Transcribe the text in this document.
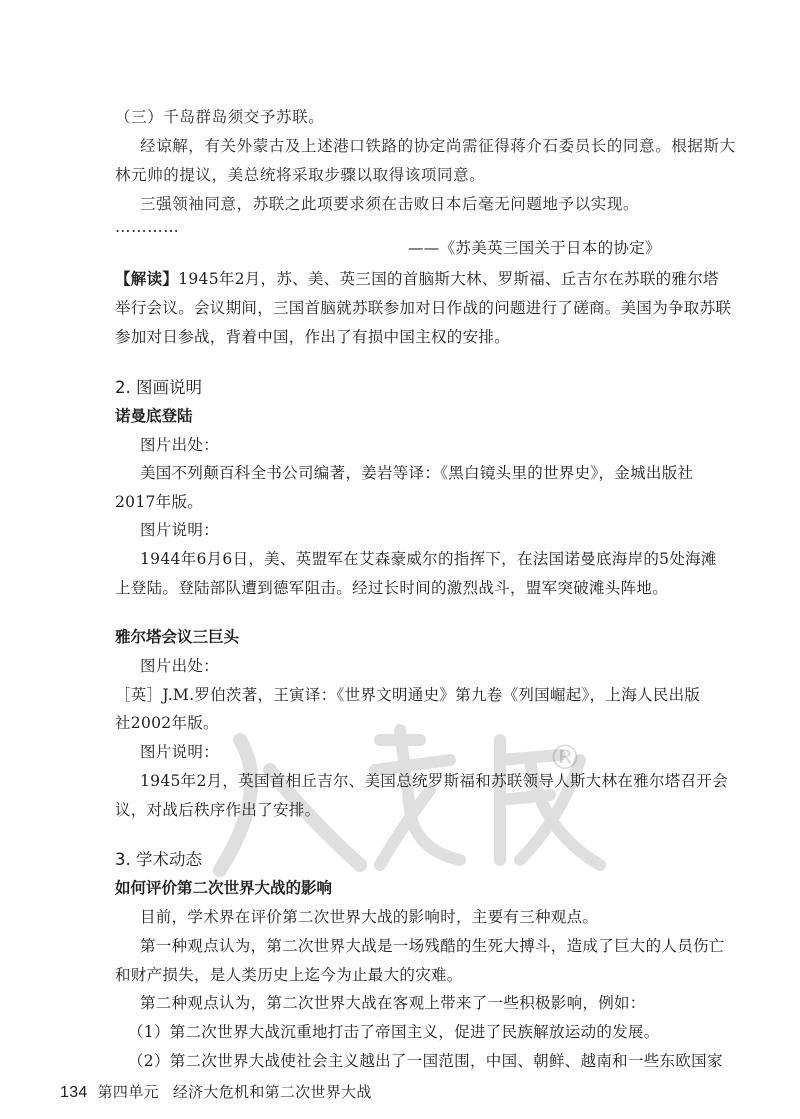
®
（三）千岛群岛须交予苏联。
经谅解，有关外蒙古及上述港口铁路的协定尚需征得蒋介石委员长的同意。根据斯大
林元帅的提议，美总统将采取步骤以取得该项同意。
三强领袖同意，苏联之此项要求须在击败日本后毫无问题地予以实现。
…………
——《苏美英三国关于日本的协定》
【解读】1945年2月，苏、美、英三国的首脑斯大林、罗斯福、丘吉尔在苏联的雅尔塔
举行会议。会议期间，三国首脑就苏联参加对日作战的问题进行了磋商。美国为争取苏联
参加对日参战，背着中国，作出了有损中国主权的安排。
2. 图画说明
诺曼底登陆
图片出处：
美国不列颠百科全书公司编著，姜岩等译：《黑白镜头里的世界史》，金城出版社
2017年版。
图片说明：
1944年6月6日，美、英盟军在艾森豪威尔的指挥下，在法国诺曼底海岸的5处海滩
上登陆。登陆部队遭到德军阻击。经过长时间的激烈战斗，盟军突破滩头阵地。
雅尔塔会议三巨头
图片出处：
［英］J.M.罗伯茨著，王寅译：《世界文明通史》第九卷《列国崛起》，上海人民出版
社2002年版。
图片说明：
1945年2月，英国首相丘吉尔、美国总统罗斯福和苏联领导人斯大林在雅尔塔召开会
议，对战后秩序作出了安排。
3. 学术动态
如何评价第二次世界大战的影响
目前，学术界在评价第二次世界大战的影响时，主要有三种观点。
第一种观点认为，第二次世界大战是一场残酷的生死大搏斗，造成了巨大的人员伤亡
和财产损失，是人类历史上迄今为止最大的灾难。
第二种观点认为，第二次世界大战在客观上带来了一些积极影响，例如：
（1）第二次世界大战沉重地打击了帝国主义，促进了民族解放运动的发展。
（2）第二次世界大战使社会主义越出了一国范围，中国、朝鲜、越南和一些东欧国家
134 第四单元 经济大危机和第二次世界大战
